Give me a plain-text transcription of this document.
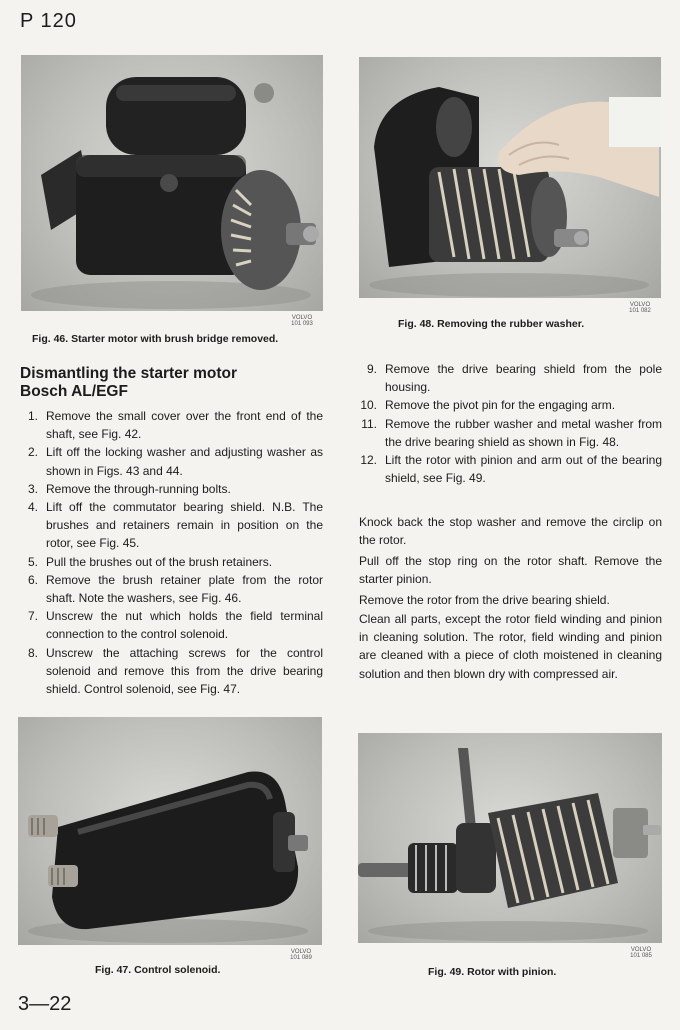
P 120
VOLVO
101 093
Fig. 46. Starter motor with brush bridge removed.
VOLVO
101 082
Fig. 48. Removing the rubber washer.
Dismantling the starter motor
Bosch AL/EGF
1. Remove the small cover over the front end of the shaft, see Fig. 42.
2. Lift off the locking washer and adjusting washer as shown in Figs. 43 and 44.
3. Remove the through-running bolts.
4. Lift off the commutator bearing shield. N.B. The brushes and retainers remain in position on the rotor, see Fig. 45.
5. Pull the brushes out of the brush retainers.
6. Remove the brush retainer plate from the rotor shaft. Note the washers, see Fig. 46.
7. Unscrew the nut which holds the field terminal connection to the control solenoid.
8. Unscrew the attaching screws for the control solenoid and remove this from the drive bearing shield. Control solenoid, see Fig. 47.
9. Remove the drive bearing shield from the pole housing.
10. Remove the pivot pin for the engaging arm.
11. Remove the rubber washer and metal washer from the drive bearing shield as shown in Fig. 48.
12. Lift the rotor with pinion and arm out of the bearing shield, see Fig. 49.

Knock back the stop washer and remove the circlip on the rotor.

Pull off the stop ring on the rotor shaft. Remove the starter pinion.

Remove the rotor from the drive bearing shield.

Clean all parts, except the rotor field winding and pinion in cleaning solution. The rotor, field winding and pinion are cleaned with a piece of cloth moistened in cleaning solution and then blown dry with compressed air.

VOLVO
101 089
Fig. 47. Control solenoid.
VOLVO
101 085
Fig. 49. Rotor with pinion.
3—22
